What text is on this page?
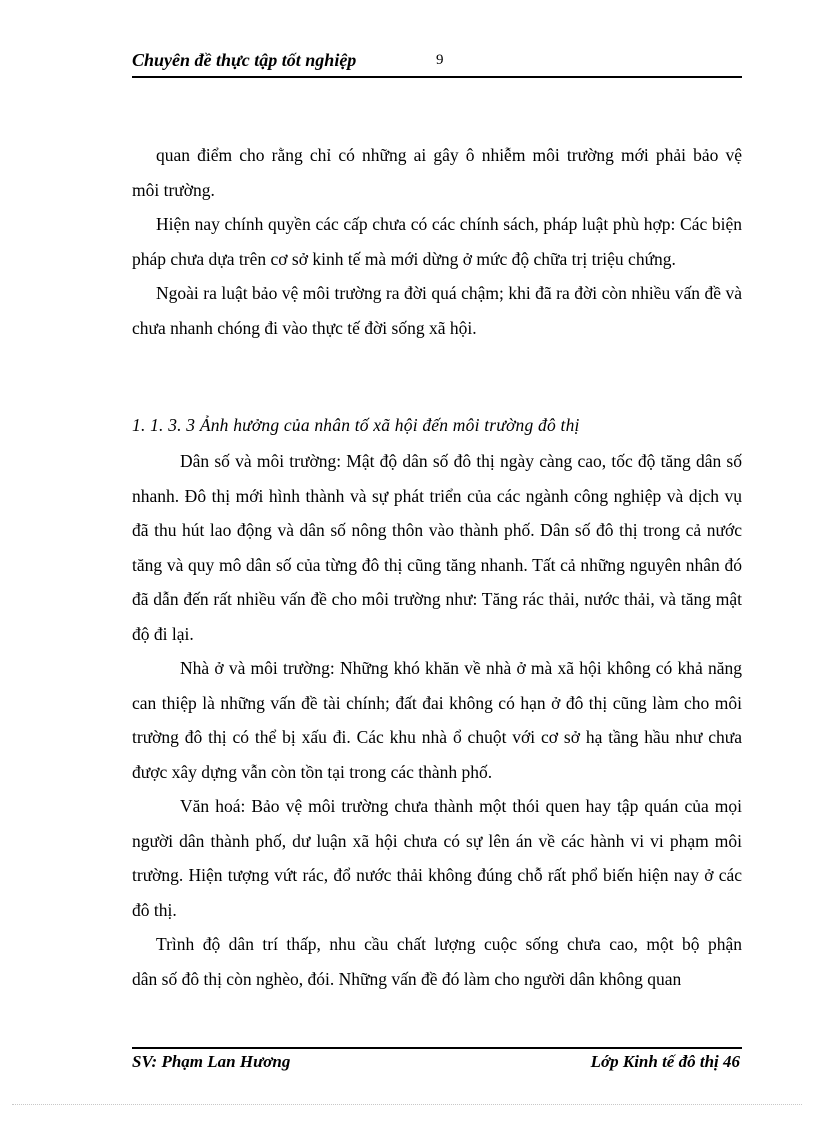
Chuyên đề thực tập tốt nghiệp	9

quan điểm cho rằng chỉ có những ai gây ô nhiễm môi trường mới phải bảo vệ

môi trường.

Hiện nay chính quyền các cấp chưa có các chính sách, pháp luật phù hợp: Các biện pháp chưa dựa trên cơ sở kinh tế mà mới dừng ở mức độ chữa trị triệu chứng.

Ngoài ra luật bảo vệ môi trường ra đời quá chậm; khi đã ra đời còn nhiều vấn đề và chưa nhanh chóng đi vào thực tế đời sống xã hội.

1. 1. 3. 3 Ảnh hưởng của nhân tố xã hội đến môi trường đô thị

Dân số và môi trường: Mật độ dân số đô thị ngày càng cao, tốc độ tăng dân số nhanh. Đô thị mới hình thành và sự phát triển của các ngành công nghiệp và dịch vụ đã thu hút lao động và dân số nông thôn vào thành phố. Dân số đô thị trong cả nước tăng và quy mô dân số của từng đô thị cũng tăng nhanh. Tất cả những nguyên nhân đó đã dẫn đến rất nhiều vấn đề cho môi trường như: Tăng rác thải, nước thải, và tăng mật độ đi lại.

Nhà ở và môi trường: Những khó khăn về nhà ở mà xã hội không có khả năng can thiệp là những vấn đề tài chính; đất đai không có hạn ở đô thị cũng làm cho môi trường đô thị có thể bị xấu đi. Các khu nhà ổ chuột với cơ sở hạ tầng hầu như chưa được xây dựng vẫn còn tồn tại trong các thành phố.

Văn hoá: Bảo vệ môi trường chưa thành một thói quen hay tập quán của mọi người dân thành phố, dư luận xã hội chưa có sự lên án về các hành vi vi phạm môi trường. Hiện tượng vứt rác, đổ nước thải không đúng chỗ rất phổ biến hiện nay ở các đô thị.

Trình độ dân trí thấp, nhu cầu chất lượng cuộc sống chưa cao, một bộ phận

dân số đô thị còn nghèo, đói. Những vấn đề đó làm cho người dân không quan

SV: Phạm Lan Hương	Lớp Kinh tế đô thị 46
